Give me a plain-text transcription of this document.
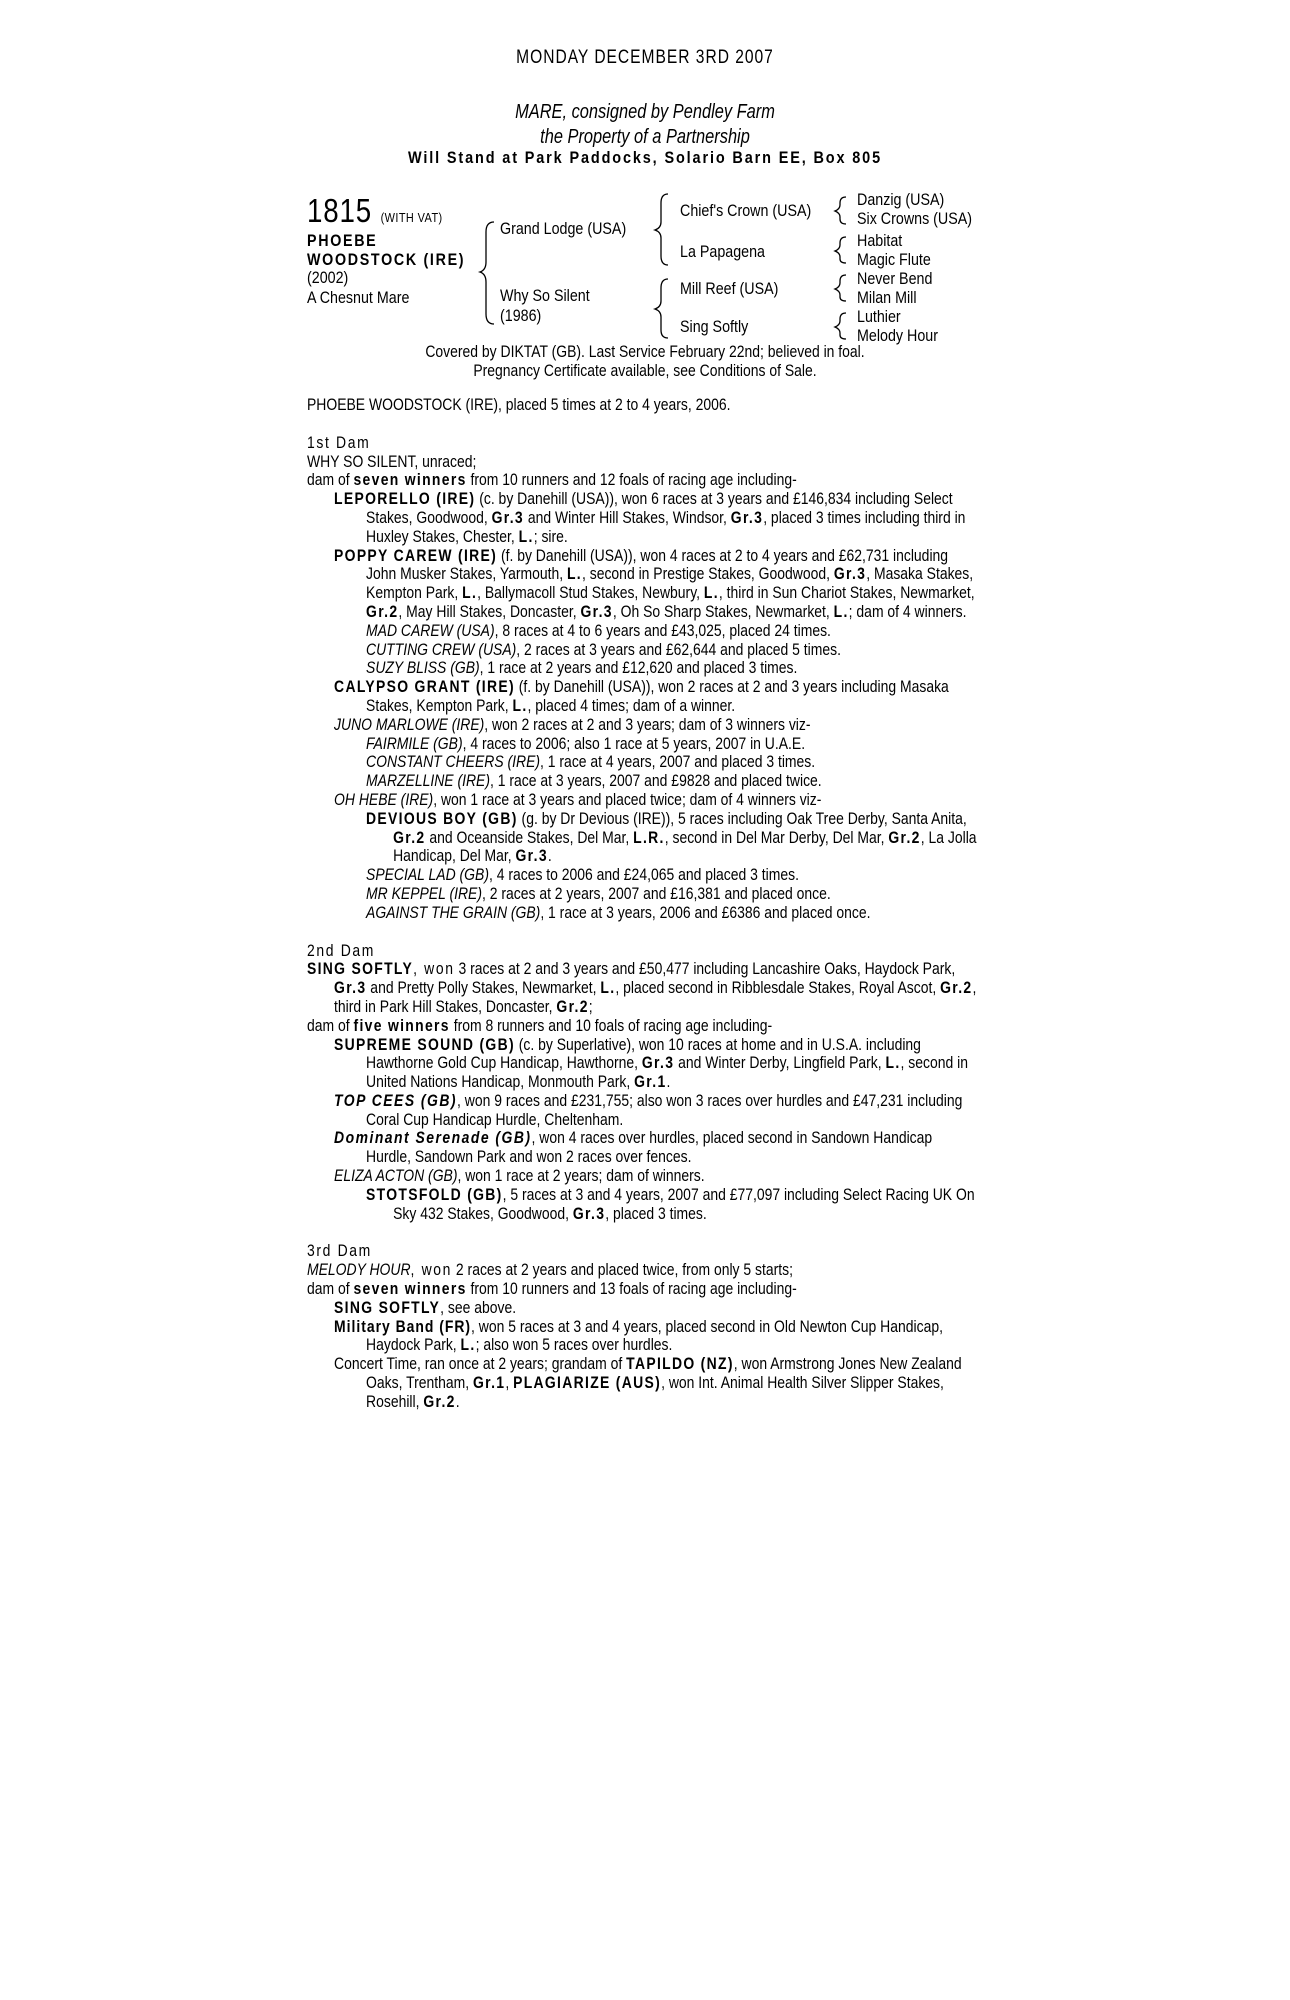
MONDAY DECEMBER 3RD 2007
MARE, consigned by Pendley Farm
the Property of a Partnership
Will Stand at Park Paddocks, Solario Barn EE, Box 805
1815 (WITH VAT)
PHOEBE
WOODSTOCK (IRE)
(2002)
A Chesnut Mare
Grand Lodge (USA)
Why So Silent
(1986)
Chief's Crown (USA)
La Papagena
Mill Reef (USA)
Sing Softly
Danzig (USA)
Six Crowns (USA)
Habitat
Magic Flute
Never Bend
Milan Mill
Luthier
Melody Hour
Covered by DIKTAT (GB). Last Service February 22nd; believed in foal.
Pregnancy Certificate available, see Conditions of Sale.

PHOEBE WOODSTOCK (IRE), placed 5 times at 2 to 4 years, 2006.

1st Dam

WHY SO SILENT, unraced;

dam of seven winners from 10 runners and 12 foals of racing age including-

LEPORELLO (IRE) (c. by Danehill (USA)), won 6 races at 3 years and £146,834 including Select Stakes, Goodwood, Gr.3 and Winter Hill Stakes, Windsor, Gr.3, placed 3 times including third in Huxley Stakes, Chester, L.; sire.

POPPY CAREW (IRE) (f. by Danehill (USA)), won 4 races at 2 to 4 years and £62,731 including John Musker Stakes, Yarmouth, L., second in Prestige Stakes, Goodwood, Gr.3, Masaka Stakes, Kempton Park, L., Ballymacoll Stud Stakes, Newbury, L., third in Sun Chariot Stakes, Newmarket, Gr.2, May Hill Stakes, Doncaster, Gr.3, Oh So Sharp Stakes, Newmarket, L.; dam of 4 winners.

MAD CAREW (USA), 8 races at 4 to 6 years and £43,025, placed 24 times.

CUTTING CREW (USA), 2 races at 3 years and £62,644 and placed 5 times.

SUZY BLISS (GB), 1 race at 2 years and £12,620 and placed 3 times.

CALYPSO GRANT (IRE) (f. by Danehill (USA)), won 2 races at 2 and 3 years including Masaka Stakes, Kempton Park, L., placed 4 times; dam of a winner.

JUNO MARLOWE (IRE), won 2 races at 2 and 3 years; dam of 3 winners viz-

FAIRMILE (GB), 4 races to 2006; also 1 race at 5 years, 2007 in U.A.E.

CONSTANT CHEERS (IRE), 1 race at 4 years, 2007 and placed 3 times.

MARZELLINE (IRE), 1 race at 3 years, 2007 and £9828 and placed twice.

OH HEBE (IRE), won 1 race at 3 years and placed twice; dam of 4 winners viz-

DEVIOUS BOY (GB) (g. by Dr Devious (IRE)), 5 races including Oak Tree Derby, Santa Anita, Gr.2 and Oceanside Stakes, Del Mar, L.R., second in Del Mar Derby, Del Mar, Gr.2, La Jolla Handicap, Del Mar, Gr.3.

SPECIAL LAD (GB), 4 races to 2006 and £24,065 and placed 3 times.

MR KEPPEL (IRE), 2 races at 2 years, 2007 and £16,381 and placed once.

AGAINST THE GRAIN (GB), 1 race at 3 years, 2006 and £6386 and placed once.

2nd Dam

SING SOFTLY, won 3 races at 2 and 3 years and £50,477 including Lancashire Oaks, Haydock Park, Gr.3 and Pretty Polly Stakes, Newmarket, L., placed second in Ribblesdale Stakes, Royal Ascot, Gr.2, third in Park Hill Stakes, Doncaster, Gr.2;

dam of five winners from 8 runners and 10 foals of racing age including-

SUPREME SOUND (GB) (c. by Superlative), won 10 races at home and in U.S.A. including Hawthorne Gold Cup Handicap, Hawthorne, Gr.3 and Winter Derby, Lingfield Park, L., second in United Nations Handicap, Monmouth Park, Gr.1.

TOP CEES (GB), won 9 races and £231,755; also won 3 races over hurdles and £47,231 including Coral Cup Handicap Hurdle, Cheltenham.

Dominant Serenade (GB), won 4 races over hurdles, placed second in Sandown Handicap Hurdle, Sandown Park and won 2 races over fences.

ELIZA ACTON (GB), won 1 race at 2 years; dam of winners.

STOTSFOLD (GB), 5 races at 3 and 4 years, 2007 and £77,097 including Select Racing UK On Sky 432 Stakes, Goodwood, Gr.3, placed 3 times.

3rd Dam

MELODY HOUR, won 2 races at 2 years and placed twice, from only 5 starts;

dam of seven winners from 10 runners and 13 foals of racing age including-

SING SOFTLY, see above.

Military Band (FR), won 5 races at 3 and 4 years, placed second in Old Newton Cup Handicap, Haydock Park, L.; also won 5 races over hurdles.

Concert Time, ran once at 2 years; grandam of TAPILDO (NZ), won Armstrong Jones New Zealand Oaks, Trentham, Gr.1, PLAGIARIZE (AUS), won Int. Animal Health Silver Slipper Stakes, Rosehill, Gr.2.
